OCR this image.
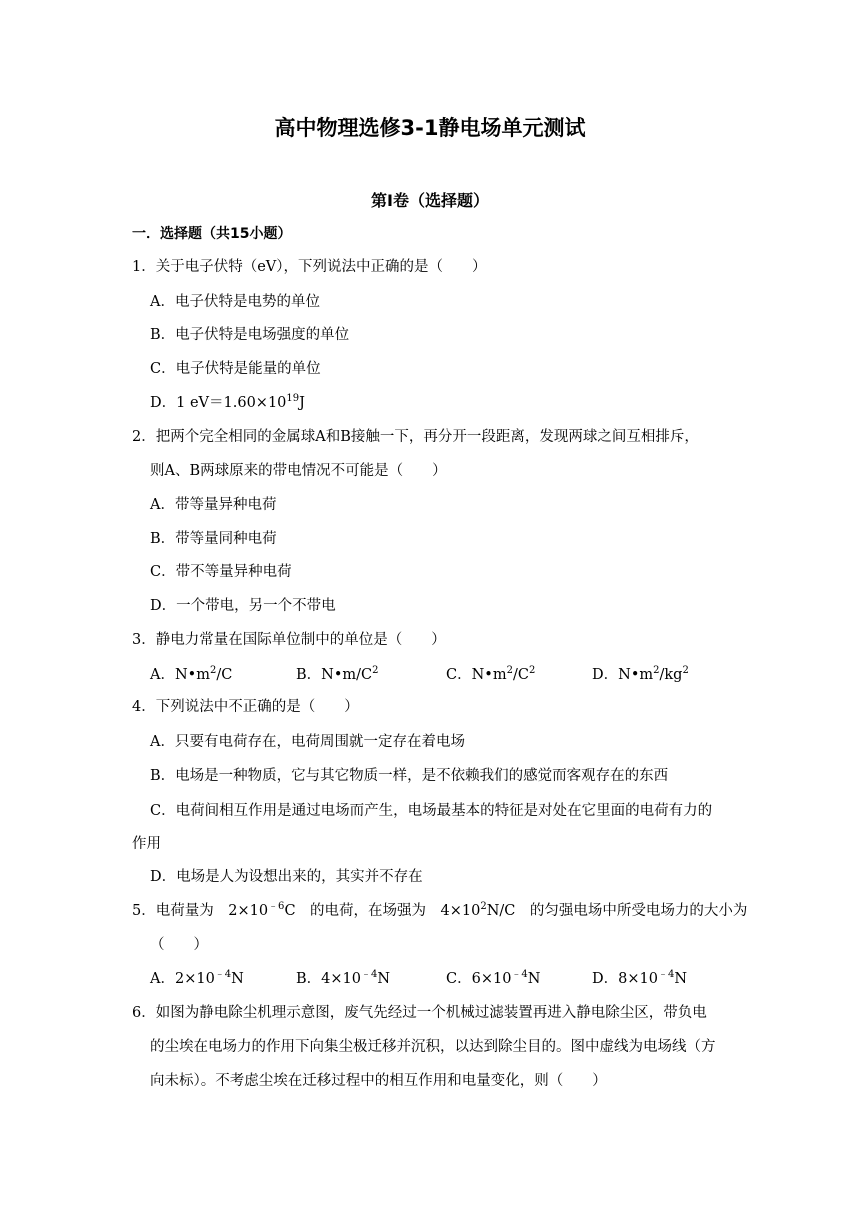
高中物理选修3-1静电场单元测试
第Ⅰ卷（选择题）
一．选择题（共15小题）
1．关于电子伏特（eV），下列说法中正确的是（　　）
A．电子伏特是电势的单位
B．电子伏特是电场强度的单位
C．电子伏特是能量的单位
D．1 $eV=1.60\times 10^{19}J$
2．把两个完全相同的金属球A和B接触一下，再分开一段距离，发现两球之间互相排斥，
则A、B两球原来的带电情况不可能是（　　）
A．带等量异种电荷
B．带等量同种电荷
C．带不等量异种电荷
D．一个带电，另一个不带电
3．静电力常量在国际单位制中的单位是（　　）
A．$N•m^2/C$	B．$N•m/C^2$	C．$N•m^2/C^2$	D．$N•m^2/kg^2$
4．下列说法中不正确的是（　　）
A．只要有电荷存在，电荷周围就一定存在着电场
B．电场是一种物质，它与其它物质一样，是不依赖我们的感觉而客观存在的东西
C．电荷间相互作用是通过电场而产生，电场最基本的特征是对处在它里面的电荷有力的
作用
D．电场是人为设想出来的，其实并不存在
5．电荷量为　$2\times 10^{﹣6}C$　的电荷，在场强为　$4\times 10^2N/C$　的匀强电场中所受电场力的大小为
（　　）
A．$2\times 10^{﹣4}N$	B．$4\times 10^{﹣4}N$	C．$6\times 10^{﹣4}N$	D．$8\times 10^{﹣4}N$
6．如图为静电除尘机理示意图，废气先经过一个机械过滤装置再进入静电除尘区，带负电
的尘埃在电场力的作用下向集尘极迁移并沉积，以达到除尘目的。图中虚线为电场线（方
向未标）。不考虑尘埃在迁移过程中的相互作用和电量变化，则（　　）
